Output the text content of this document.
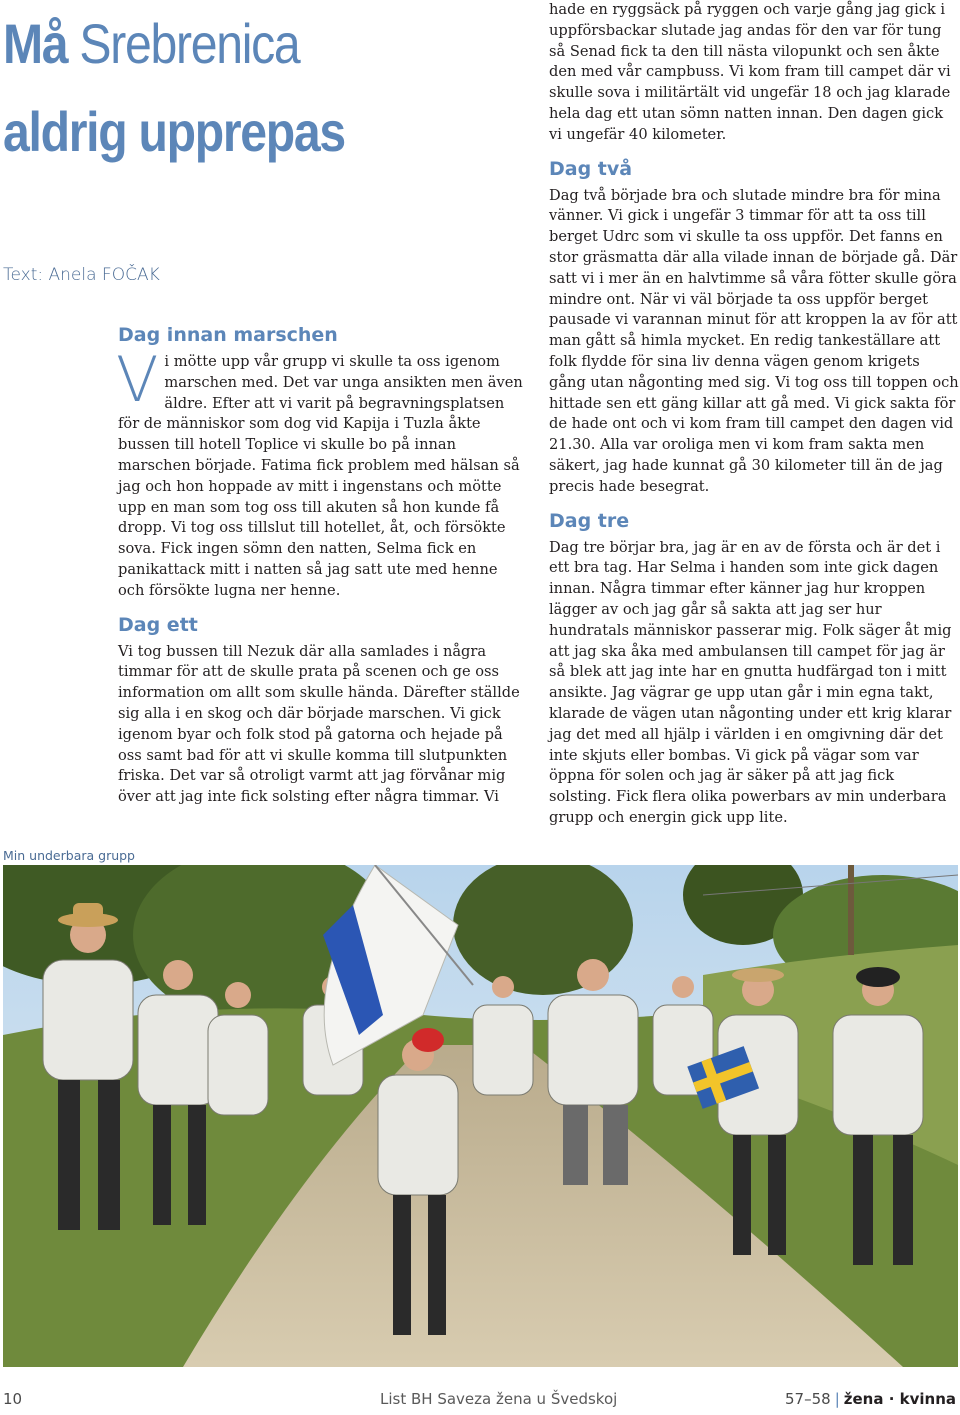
Må Srebrenica
aldrig upprepas
Text: Anela FOČAK
Dag innan marschen

Vi mötte upp vår grupp vi skulle ta oss igenom marschen med. Det var unga ansikten men även äldre. Efter att vi varit på begravningsplatsen för de människor som dog vid Kapija i Tuzla åkte bussen till hotell Toplice vi skulle bo på innan marschen började. Fatima fick problem med hälsan så jag och hon hoppade av mitt i ingenstans och mötte upp en man som tog oss till akuten så hon kunde få dropp. Vi tog oss tillslut till hotellet, åt, och försökte sova. Fick ingen sömn den natten, Selma fick en panikattack mitt i natten så jag satt ute med henne och försökte lugna ner henne.

Dag ett

Vi tog bussen till Nezuk där alla samlades i några timmar för att de skulle prata på scenen och ge oss information om allt som skulle hända. Därefter ställde sig alla i en skog och där började marschen. Vi gick igenom byar och folk stod på gatorna och hejade på oss samt bad för att vi skulle komma till slutpunkten friska. Det var så otroligt varmt att jag förvånar mig över att jag inte fick solsting efter några timmar. Vi

hade en ryggsäck på ryggen och varje gång jag gick i uppförsbackar slutade jag andas för den var för tung så Senad fick ta den till nästa vilopunkt och sen åkte den med vår campbuss. Vi kom fram till campet där vi skulle sova i militärtält vid ungefär 18 och jag klarade hela dag ett utan sömn natten innan. Den dagen gick vi ungefär 40 kilometer.

Dag två

Dag två började bra och slutade mindre bra för mina vänner. Vi gick i ungefär 3 timmar för att ta oss till berget Udrc som vi skulle ta oss uppför. Det fanns en stor gräsmatta där alla vilade innan de började gå. Där satt vi i mer än en halvtimme så våra fötter skulle göra mindre ont. När vi väl började ta oss uppför berget pausade vi varannan minut för att kroppen la av för att man gått så himla mycket. En redig tankeställare att folk flydde för sina liv denna vägen genom krigets gång utan någonting med sig. Vi tog oss till toppen och hittade sen ett gäng killar att gå med. Vi gick sakta för de hade ont och vi kom fram till campet den dagen vid 21.30. Alla var oroliga men vi kom fram sakta men säkert, jag hade kunnat gå 30 kilometer till än de jag precis hade besegrat.

Dag tre

Dag tre börjar bra, jag är en av de första och är det i ett bra tag. Har Selma i handen som inte gick dagen innan. Några timmar efter känner jag hur kroppen lägger av och jag går så sakta att jag ser hur hundratals människor passerar mig. Folk säger åt mig att jag ska åka med ambulansen till campet för jag är så blek att jag inte har en gnutta hudfärgad ton i mitt ansikte. Jag vägrar ge upp utan går i min egna takt, klarade de vägen utan någonting under ett krig klarar jag det med all hjälp i världen i en omgivning där det inte skjuts eller bombas. Vi gick på vägar som var öppna för solen och jag är säker på att jag fick solsting. Fick flera olika powerbars av min underbara grupp och energin gick upp lite.

Min underbara grupp
10	List BH Saveza žena u Švedskoj	57–58 | žena · kvinna
